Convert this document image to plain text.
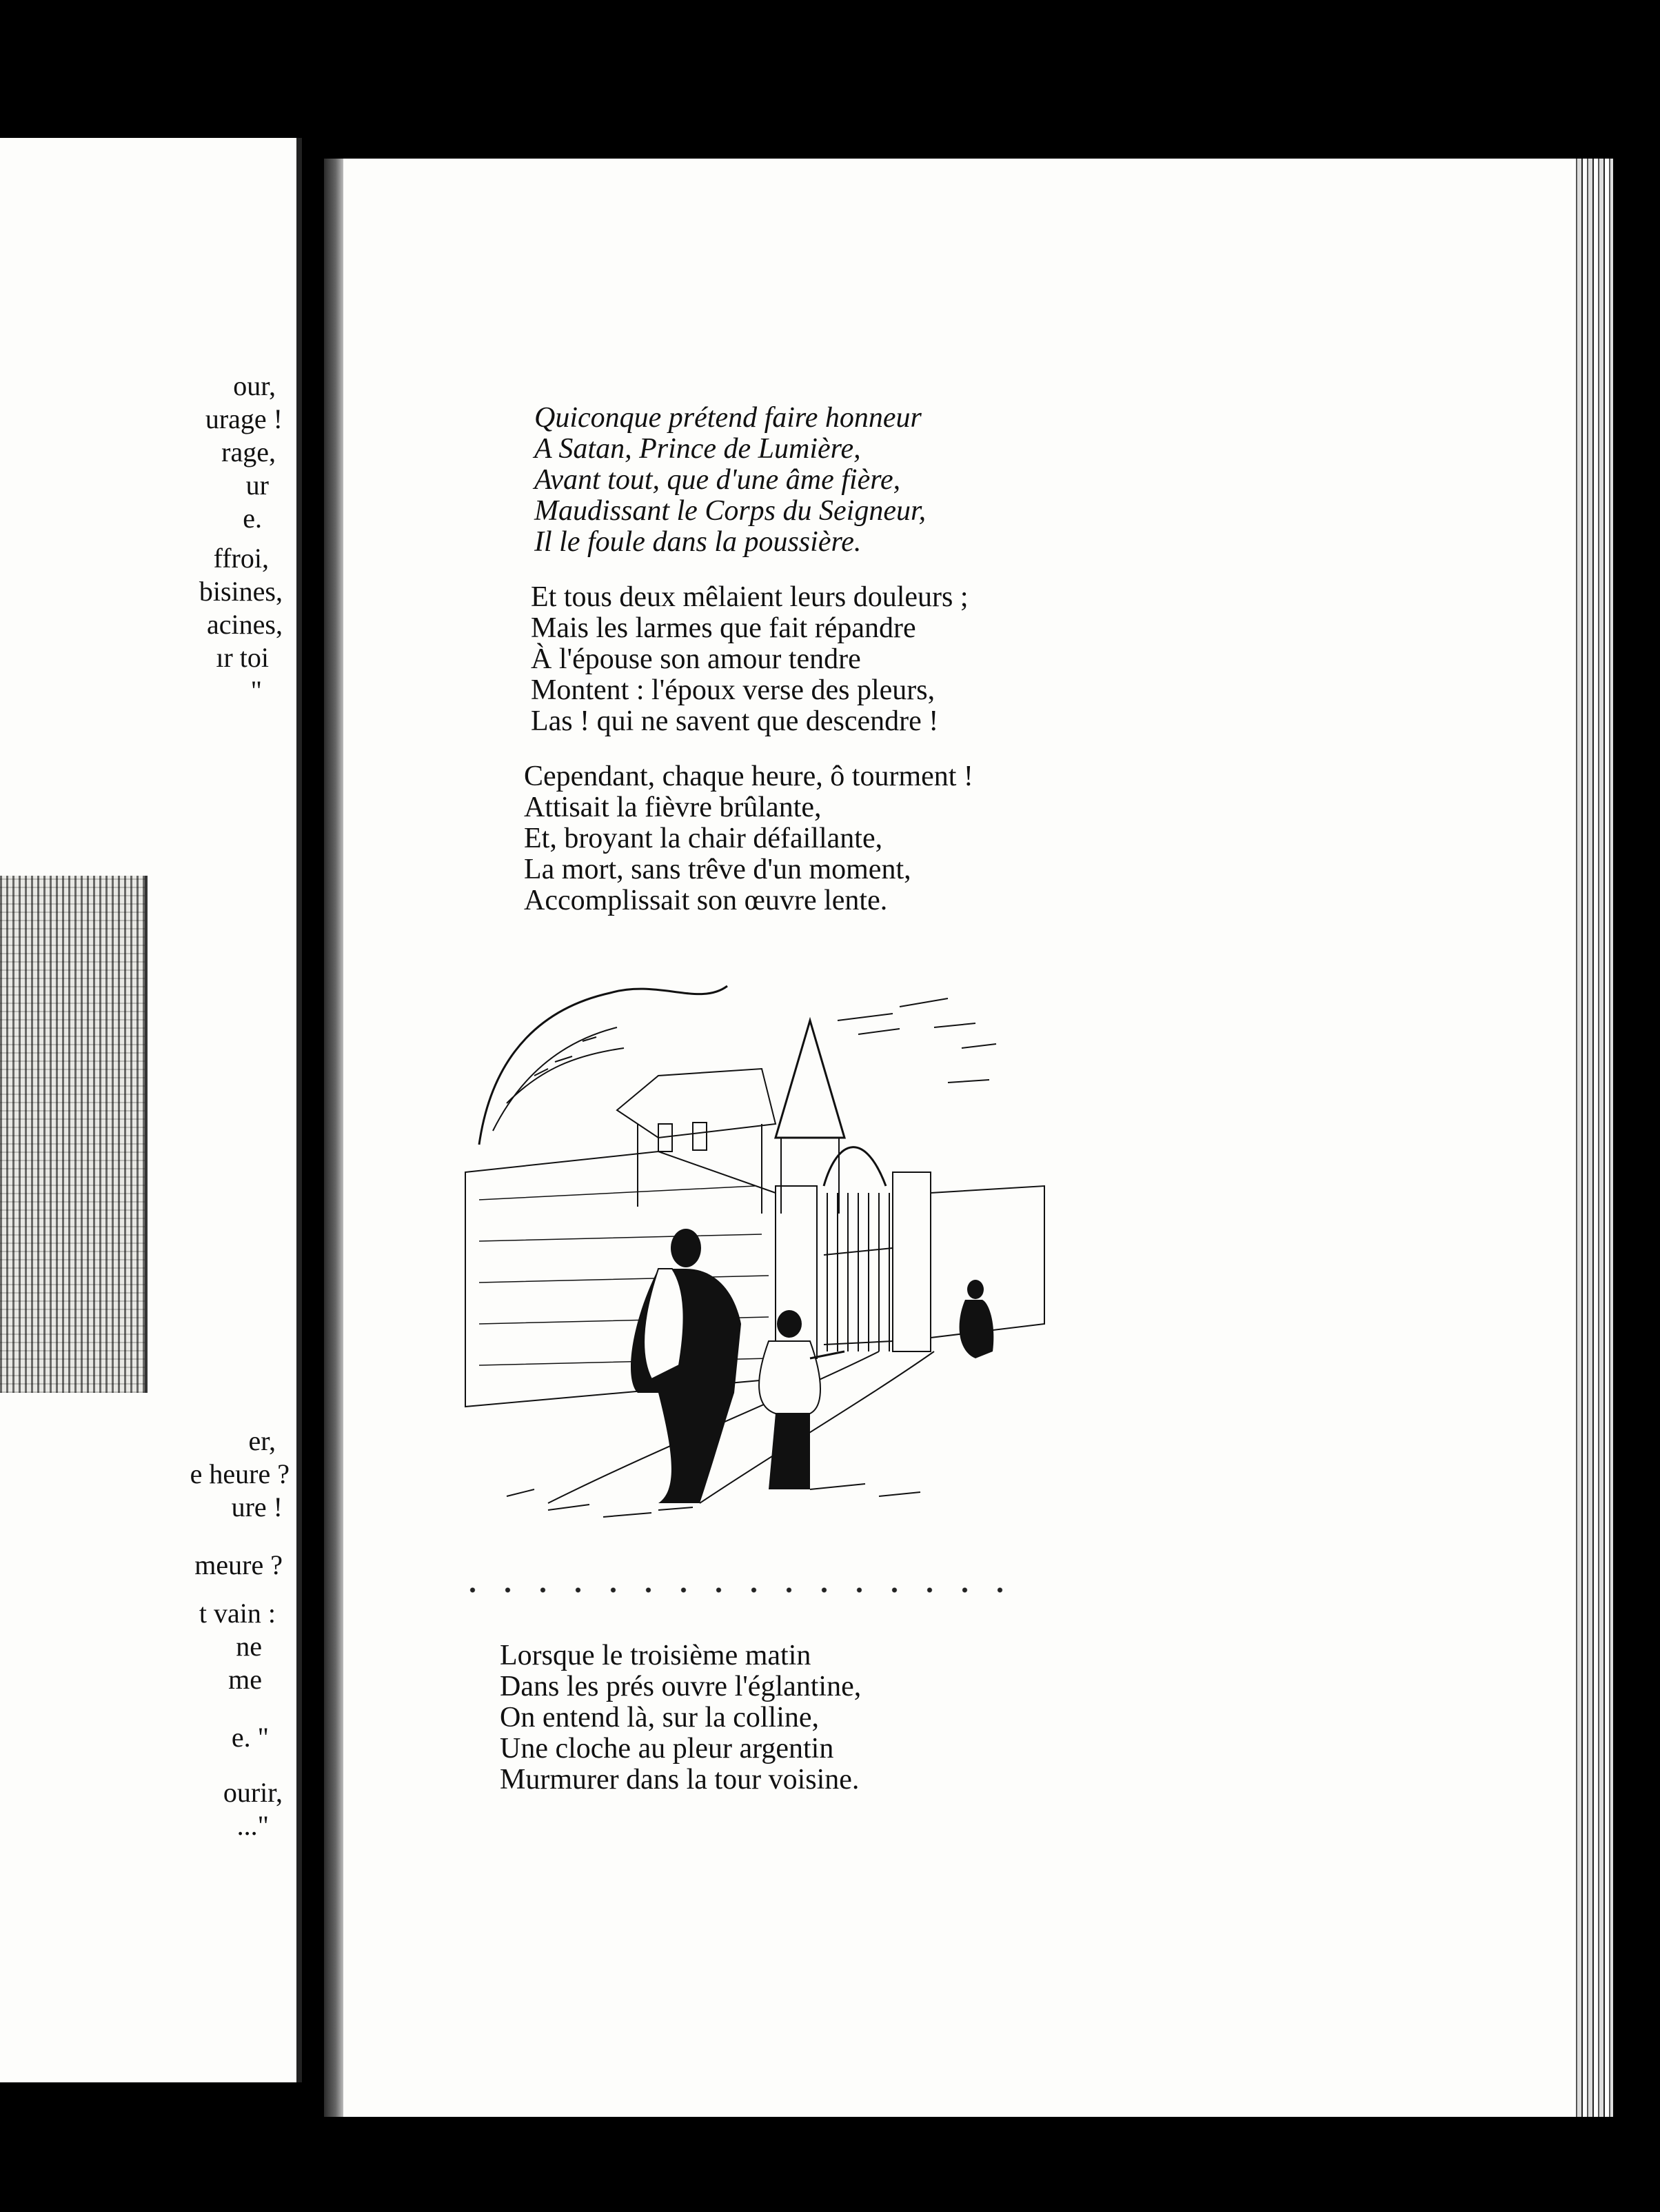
our,
urage !
rage,
ur
e.
ffroi,
bisines,
acines,
ır toi
"
er,
e heure ?
ure !
meure ?
t vain :
ne
me
e. "
ourir,
..."
Quiconque prétend faire honneur
A Satan, Prince de Lumière,
Avant tout, que d'une âme fière,
Maudissant le Corps du Seigneur,
Il le foule dans la poussière.
Et tous deux mêlaient leurs douleurs ;
Mais les larmes que fait répandre
À l'épouse son amour tendre
Montent : l'époux verse des pleurs,
Las ! qui ne savent que descendre !
Cependant, chaque heure, ô tourment !
Attisait la fièvre brûlante,
Et, broyant la chair défaillante,
La mort, sans trêve d'un moment,
Accomplissait son œuvre lente.
Lorsque le troisième matin
Dans les prés ouvre l'églantine,
On entend là, sur la colline,
Une cloche au pleur argentin
Murmurer dans la tour voisine.
